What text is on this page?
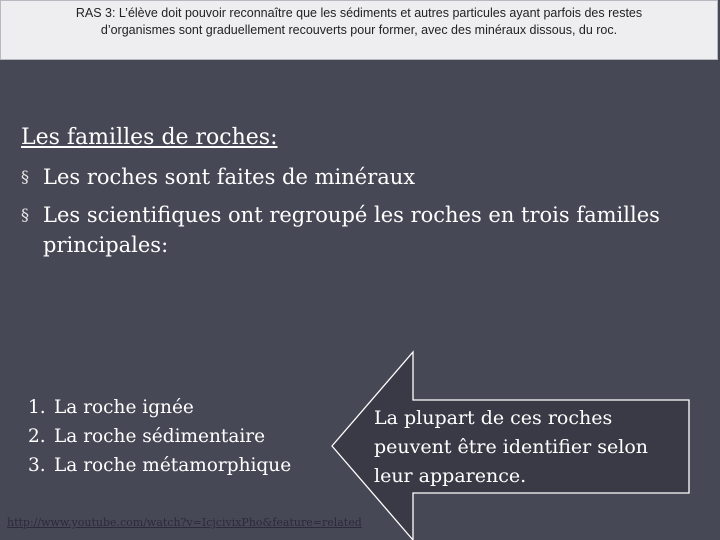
RAS 3: L’élève doit pouvoir reconnaître que les sédiments et autres particules ayant parfois des restes
d’organismes sont graduellement recouverts pour former, avec des minéraux dissous, du roc.
Les familles de roches:
§ Les roches sont faites de minéraux
§ Les scientifiques ont regroupé les roches en trois familles principales:
1. La roche ignée
2. La roche sédimentaire
3. La roche métamorphique
La plupart de ces roches peuvent être identifier selon leur apparence.
http://www.youtube.com/watch?v=IcjcivixPho&feature=related
